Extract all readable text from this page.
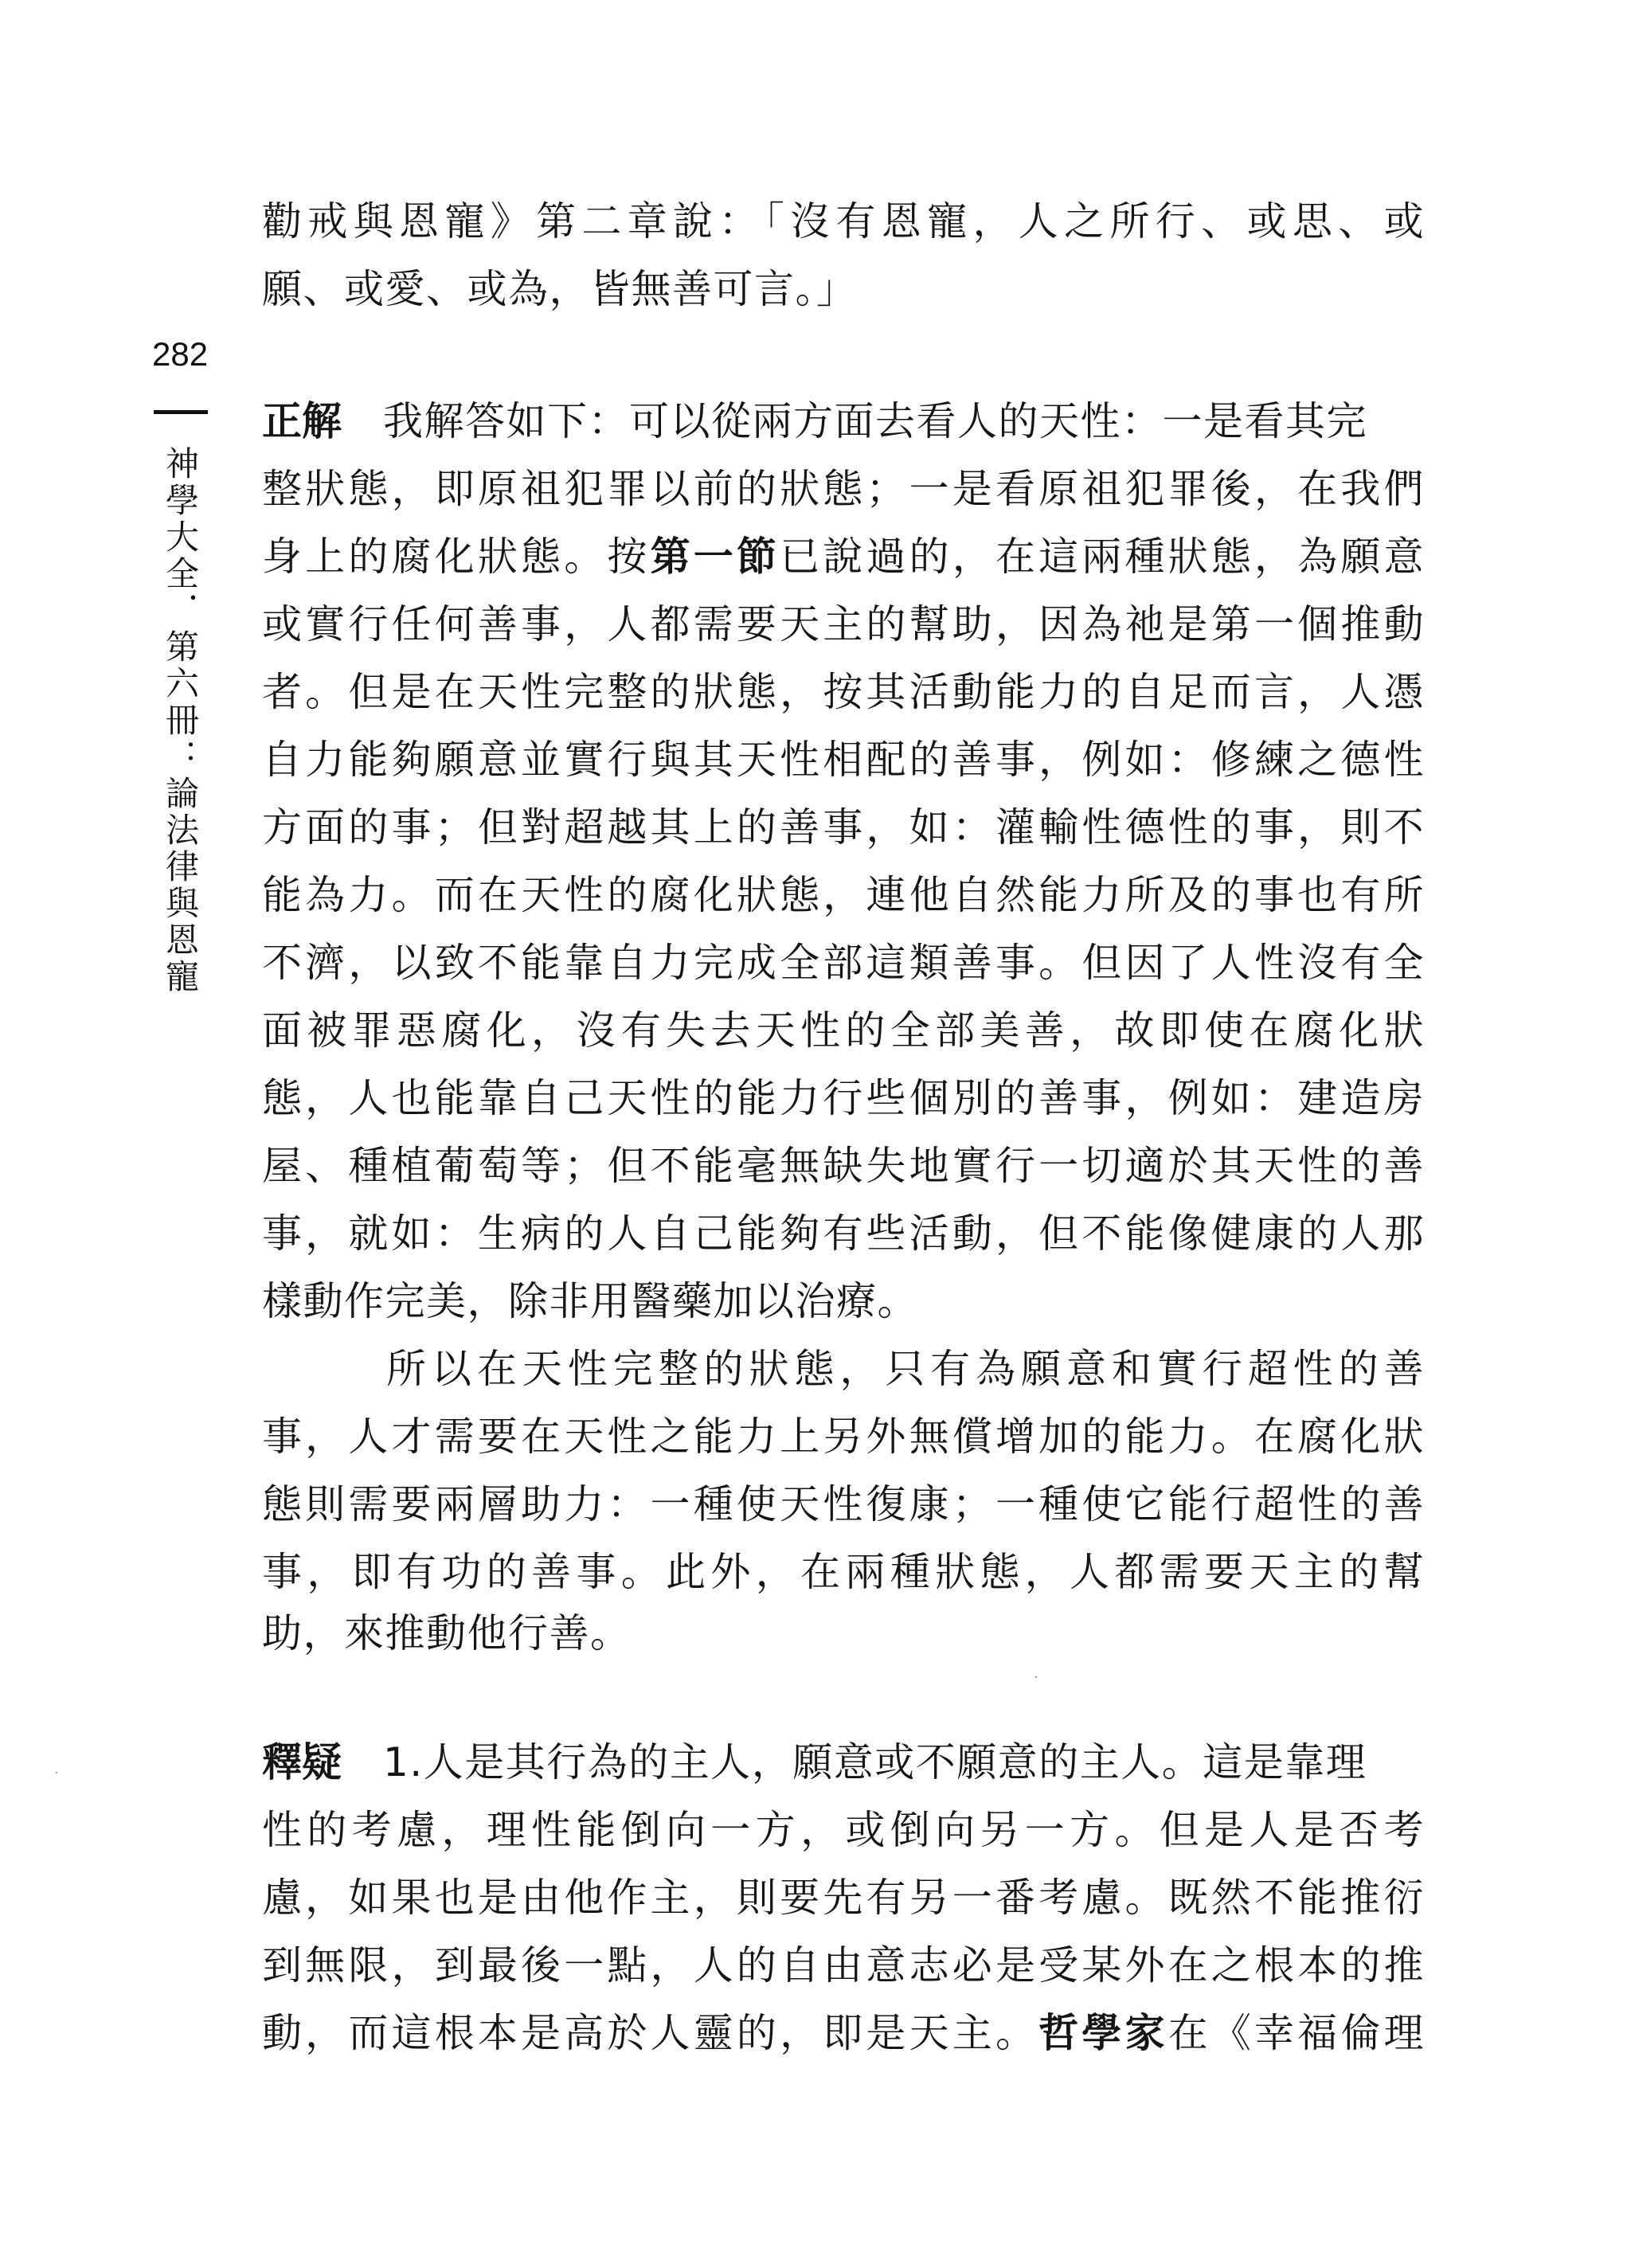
282
神學大全．第六冊：論法律與恩寵
勸戒與恩寵》第二章說：「沒有恩寵，人之所行、或思、或
願、或愛、或為，皆無善可言。」
正解 我解答如下：可以從兩方面去看人的天性：一是看其完
整狀態，即原祖犯罪以前的狀態；一是看原祖犯罪後，在我們
身上的腐化狀態。按第一節已說過的，在這兩種狀態，為願意
或實行任何善事，人都需要天主的幫助，因為祂是第一個推動
者。但是在天性完整的狀態，按其活動能力的自足而言，人憑
自力能夠願意並實行與其天性相配的善事，例如：修練之德性
方面的事；但對超越其上的善事，如：灌輸性德性的事，則不
能為力。而在天性的腐化狀態，連他自然能力所及的事也有所
不濟，以致不能靠自力完成全部這類善事。但因了人性沒有全
面被罪惡腐化，沒有失去天性的全部美善，故即使在腐化狀
態，人也能靠自己天性的能力行些個別的善事，例如：建造房
屋、種植葡萄等；但不能毫無缺失地實行一切適於其天性的善
事，就如：生病的人自己能夠有些活動，但不能像健康的人那
樣動作完美，除非用醫藥加以治療。
所以在天性完整的狀態，只有為願意和實行超性的善
事，人才需要在天性之能力上另外無償增加的能力。在腐化狀
態則需要兩層助力：一種使天性復康；一種使它能行超性的善
事，即有功的善事。此外，在兩種狀態，人都需要天主的幫
助，來推動他行善。
釋疑 1.人是其行為的主人，願意或不願意的主人。這是靠理
性的考慮，理性能倒向一方，或倒向另一方。但是人是否考
慮，如果也是由他作主，則要先有另一番考慮。既然不能推衍
到無限，到最後一點，人的自由意志必是受某外在之根本的推
動，而這根本是高於人靈的，即是天主。哲學家在《幸福倫理
